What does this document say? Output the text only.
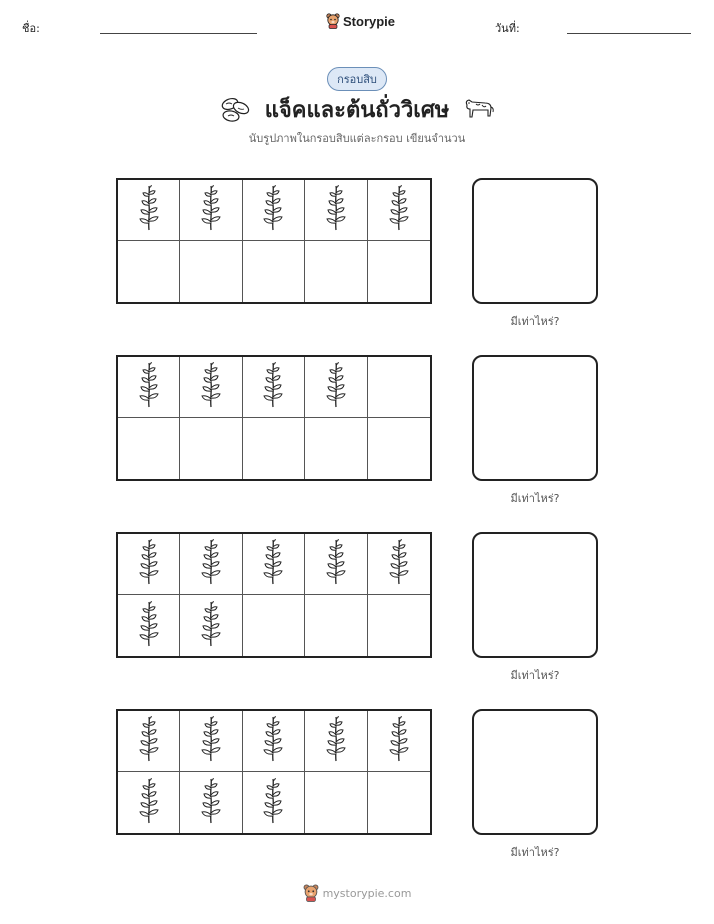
ชื่อ:	Storypie	วันที่:
กรอบสิบ
แจ็คและต้นถั่ววิเศษ
นับรูปภาพในกรอบสิบแต่ละกรอบ เขียนจำนวน
มีเท่าไหร่?
มีเท่าไหร่?
มีเท่าไหร่?
มีเท่าไหร่?
mystorypie.com
